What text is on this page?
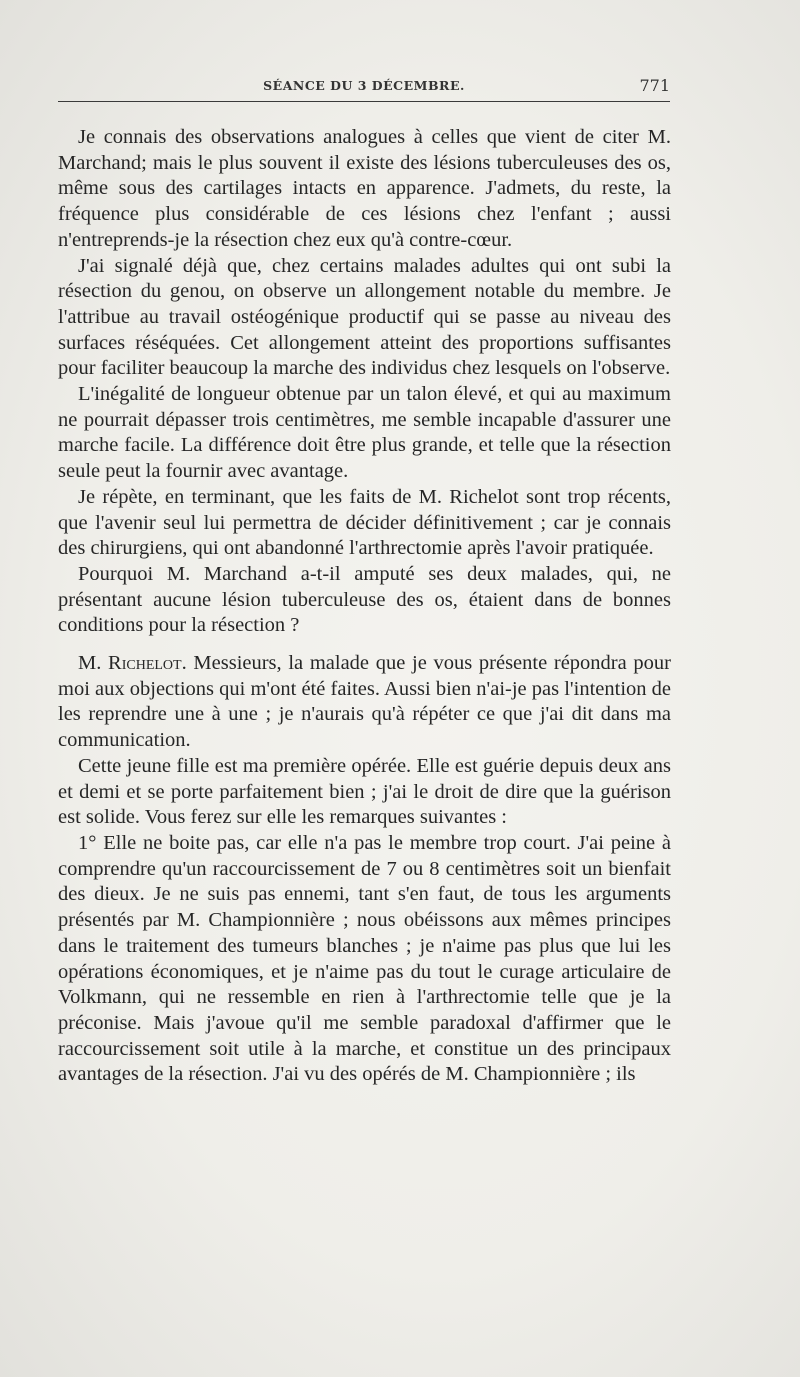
SÉANCE DU 3 DÉCEMBRE.	771

Je connais des observations analogues à celles que vient de citer M. Marchand; mais le plus souvent il existe des lésions tuberculeuses des os, même sous des cartilages intacts en apparence. J'admets, du reste, la fréquence plus considérable de ces lésions chez l'enfant ; aussi n'entreprends-je la résection chez eux qu'à contre-cœur.

J'ai signalé déjà que, chez certains malades adultes qui ont subi la résection du genou, on observe un allongement notable du membre. Je l'attribue au travail ostéogénique productif qui se passe au niveau des surfaces réséquées. Cet allongement atteint des proportions suffisantes pour faciliter beaucoup la marche des individus chez lesquels on l'observe.

L'inégalité de longueur obtenue par un talon élevé, et qui au maximum ne pourrait dépasser trois centimètres, me semble incapable d'assurer une marche facile. La différence doit être plus grande, et telle que la résection seule peut la fournir avec avantage.

Je répète, en terminant, que les faits de M. Richelot sont trop récents, que l'avenir seul lui permettra de décider définitivement ; car je connais des chirurgiens, qui ont abandonné l'arthrectomie après l'avoir pratiquée.

Pourquoi M. Marchand a-t-il amputé ses deux malades, qui, ne présentant aucune lésion tuberculeuse des os, étaient dans de bonnes conditions pour la résection ?

M. Richelot. Messieurs, la malade que je vous présente répondra pour moi aux objections qui m'ont été faites. Aussi bien n'ai-je pas l'intention de les reprendre une à une ; je n'aurais qu'à répéter ce que j'ai dit dans ma communication.

Cette jeune fille est ma première opérée. Elle est guérie depuis deux ans et demi et se porte parfaitement bien ; j'ai le droit de dire que la guérison est solide. Vous ferez sur elle les remarques suivantes :

1° Elle ne boite pas, car elle n'a pas le membre trop court. J'ai peine à comprendre qu'un raccourcissement de 7 ou 8 centimètres soit un bienfait des dieux. Je ne suis pas ennemi, tant s'en faut, de tous les arguments présentés par M. Championnière ; nous obéissons aux mêmes principes dans le traitement des tumeurs blanches ; je n'aime pas plus que lui les opérations économiques, et je n'aime pas du tout le curage articulaire de Volkmann, qui ne ressemble en rien à l'arthrectomie telle que je la préconise. Mais j'avoue qu'il me semble paradoxal d'affirmer que le raccourcissement soit utile à la marche, et constitue un des principaux avantages de la résection. J'ai vu des opérés de M. Championnière ; ils
